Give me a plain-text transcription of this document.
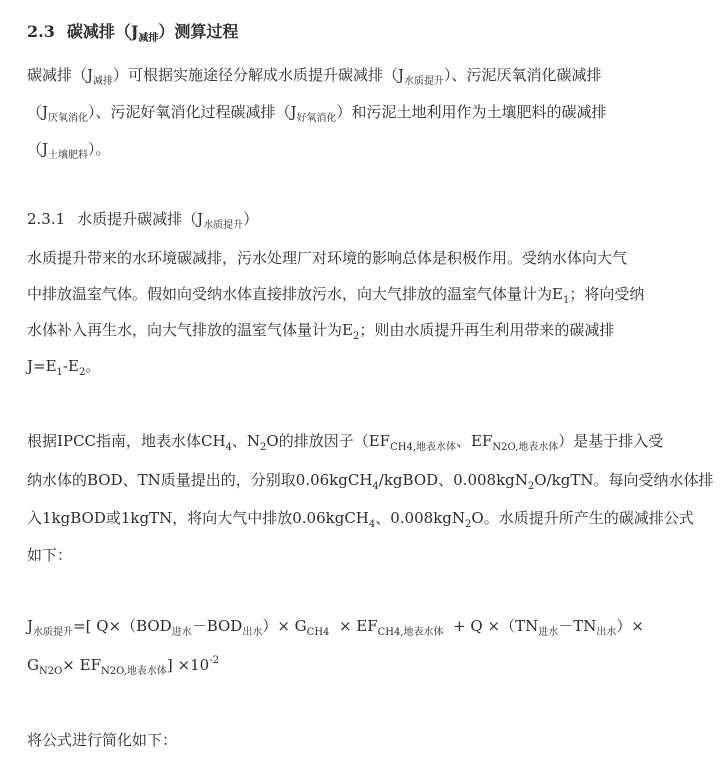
2.3 碳减排$(J_{减排})$测算过程
碳减排$(J_{减排})$可根据实施途径分解成水质提升碳减排$(J_{水质提升})$、污泥厌氧消化碳减排
$(J_{厌氧消化})$、污泥好氧消化过程碳减排$(J_{好氧消化})$和污泥土地利用作为土壤肥料的碳减排
$(J_{土壤肥料})$。
2.3.1 水质提升碳减排$(J_{水质提升})$
水质提升带来的水环境碳减排，污水处理厂对环境的影响总体是积极作用。受纳水体向大气
中排放温室气体。假如向受纳水体直接排放污水，向大气排放的温室气体量计为$E_1$；将向受纳
水体补入再生水，向大气排放的温室气体量计为$E_2$；则由水质提升再生利用带来的碳减排
$J=E_1-E_2$。
根据IPCC指南，地表水体$CH_4$、$N_2O$的排放因子（$EF_{CH4,地表水体}$、$EF_{N2O,地表水体}$）是基于排入受
纳水体的BOD、TN质量提出的，分别取0.06kgCH$_4$/kgBOD、0.008kgN$_2$O/kgTN。每向受纳水体排
入1kgBOD或1kgTN，将向大气中排放0.06kgCH$_4$、0.008kgN$_2$O。水质提升所产生的碳减排公式
如下：
$J_{水质提升}=$[ $Q\times(BOD_{进水}-BOD_{出水})\times G_{CH4} \times EF_{CH4,地表水体} + Q \times(TN_{进水}-TN_{出水})\times$
$G_{N2O}\times EF_{N2O,地表水体}] \times 10^{-2}$
将公式进行简化如下：
